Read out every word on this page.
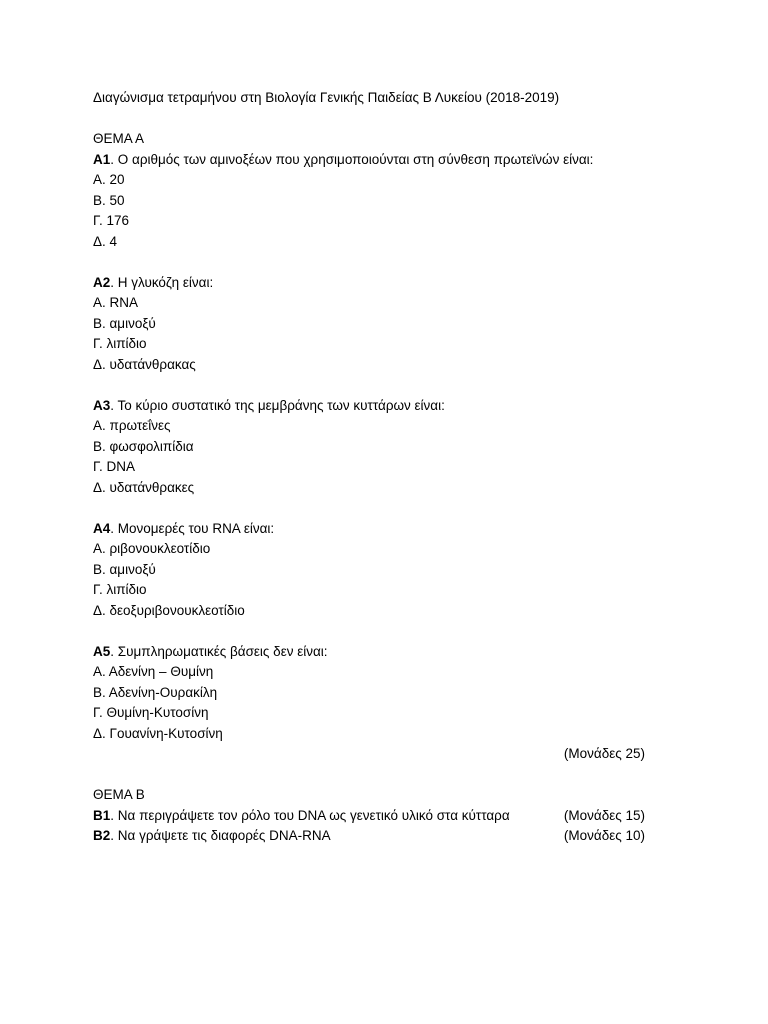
Διαγώνισμα τετραμήνου στη Βιολογία Γενικής Παιδείας Β Λυκείου (2018-2019)
ΘΕΜΑ Α
Α1. Ο αριθμός των αμινοξέων που χρησιμοποιούνται στη σύνθεση πρωτεϊνών είναι:
Α. 20
Β. 50
Γ. 176
Δ. 4
Α2. Η γλυκόζη είναι:
Α. RNA
Β. αμινοξύ
Γ. λιπίδιο
Δ. υδατάνθρακας
Α3. Το κύριο συστατικό της μεμβράνης των κυττάρων είναι:
Α. πρωτεΐνες
Β. φωσφολιπίδια
Γ. DNA
Δ. υδατάνθρακες
Α4. Μονομερές του RNA είναι:
Α. ριβονουκλεοτίδιο
Β. αμινοξύ
Γ. λιπίδιο
Δ. δεοξυριβονουκλεοτίδιο
Α5. Συμπληρωματικές βάσεις δεν είναι:
Α. Αδενίνη – Θυμίνη
Β. Αδενίνη-Ουρακίλη
Γ. Θυμίνη-Κυτοσίνη
Δ. Γουανίνη-Κυτοσίνη
(Μονάδες 25)
ΘΕΜΑ Β
Β1. Να περιγράψετε τον ρόλο του DNA ως γενετικό υλικό στα κύτταρα	(Μονάδες 15)
Β2. Να γράψετε τις διαφορές DNA-RNA	(Μονάδες 10)
